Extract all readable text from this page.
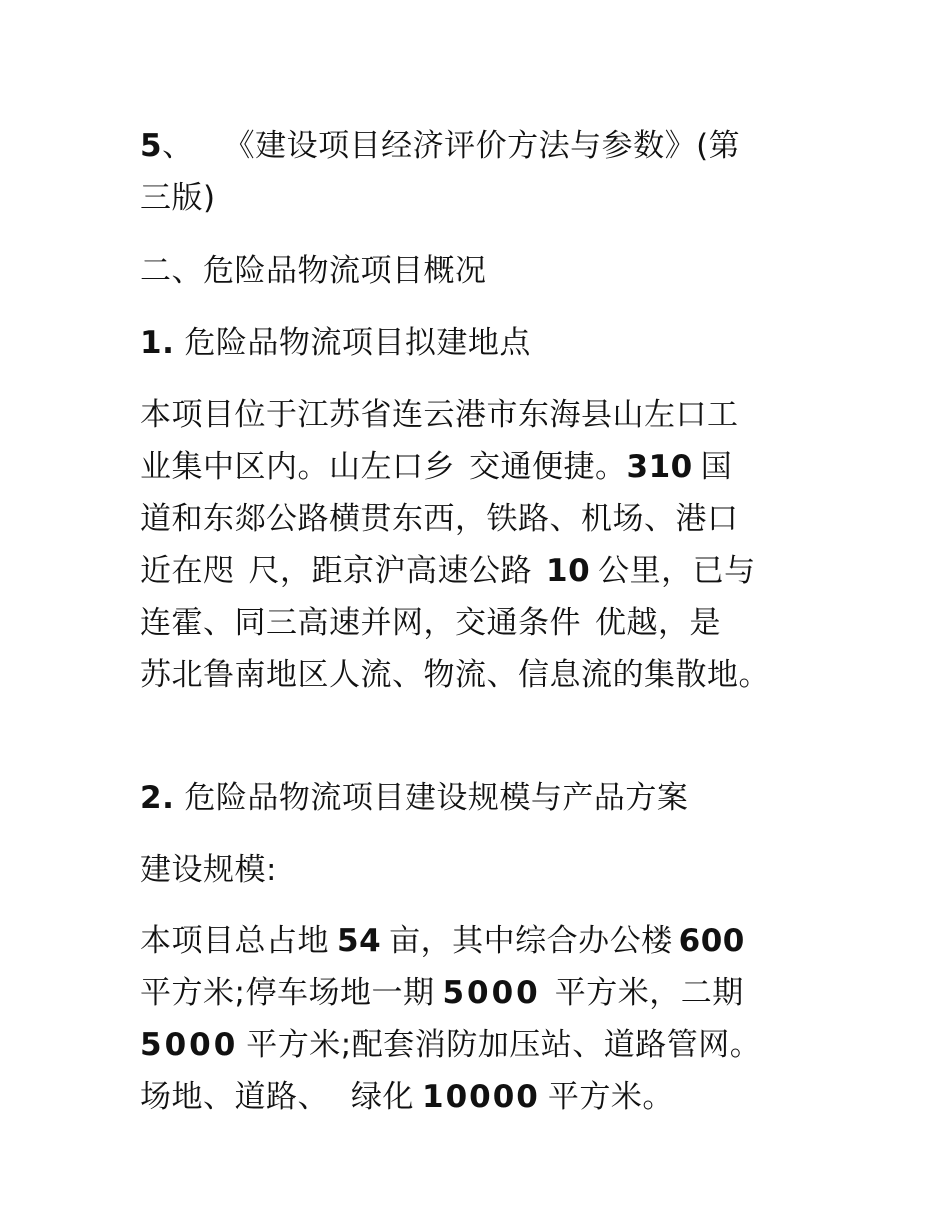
5、 《建设项目经济评价方法与参数》(第
三版)
二、危险品物流项目概况
1. 危险品物流项目拟建地点
本项目位于江苏省连云港市东海县山左口工
业集中区内。山左口乡 交通便捷。310 国
道和东郯公路横贯东西，铁路、机场、港口
近在咫 尺，距京沪高速公路 10 公里，已与
连霍、同三高速并网，交通条件 优越，是
苏北鲁南地区人流、物流、信息流的集散地。
2. 危险品物流项目建设规模与产品方案
建设规模:
本项目总占地 54 亩，其中综合办公楼 600
平方米;停车场地一期 5000 平方米，二期
5000 平方米;配套消防加压站、道路管网。
场地、道路、 绿化 10000 平方米。
